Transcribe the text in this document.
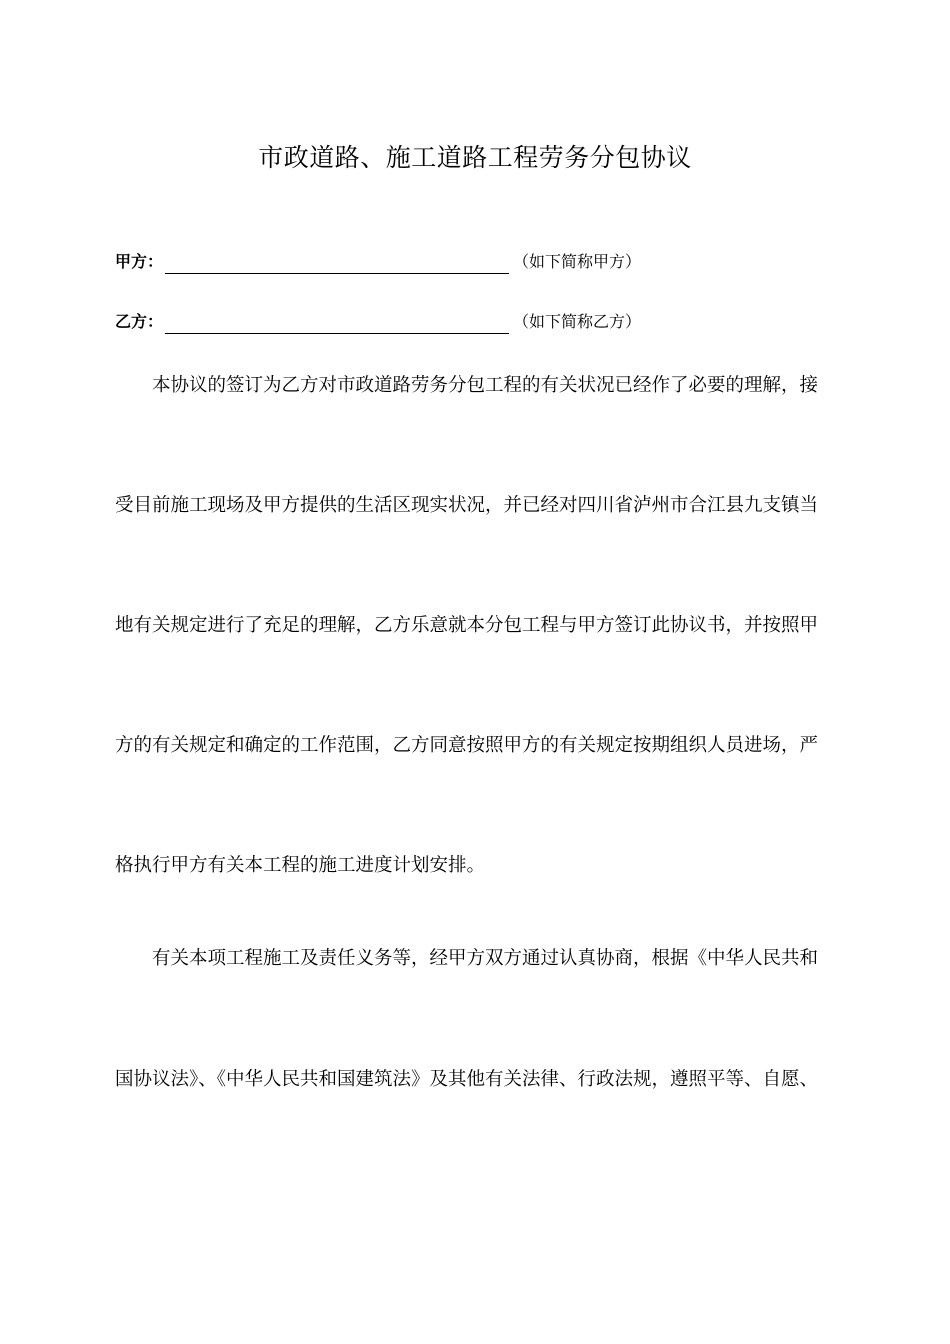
市政道路、施工道路工程劳务分包协议
甲方：	（如下简称甲方）
乙方：	（如下简称乙方）
本协议的签订为乙方对市政道路劳务分包工程的有关状况已经作了必要的理解，接
受目前施工现场及甲方提供的生活区现实状况，并已经对四川省泸州市合江县九支镇当
地有关规定进行了充足的理解，乙方乐意就本分包工程与甲方签订此协议书，并按照甲
方的有关规定和确定的工作范围，乙方同意按照甲方的有关规定按期组织人员进场，严
格执行甲方有关本工程的施工进度计划安排。
有关本项工程施工及责任义务等，经甲方双方通过认真协商，根据《中华人民共和
国协议法》、《中华人民共和国建筑法》及其他有关法律、行政法规，遵照平等、自愿、
